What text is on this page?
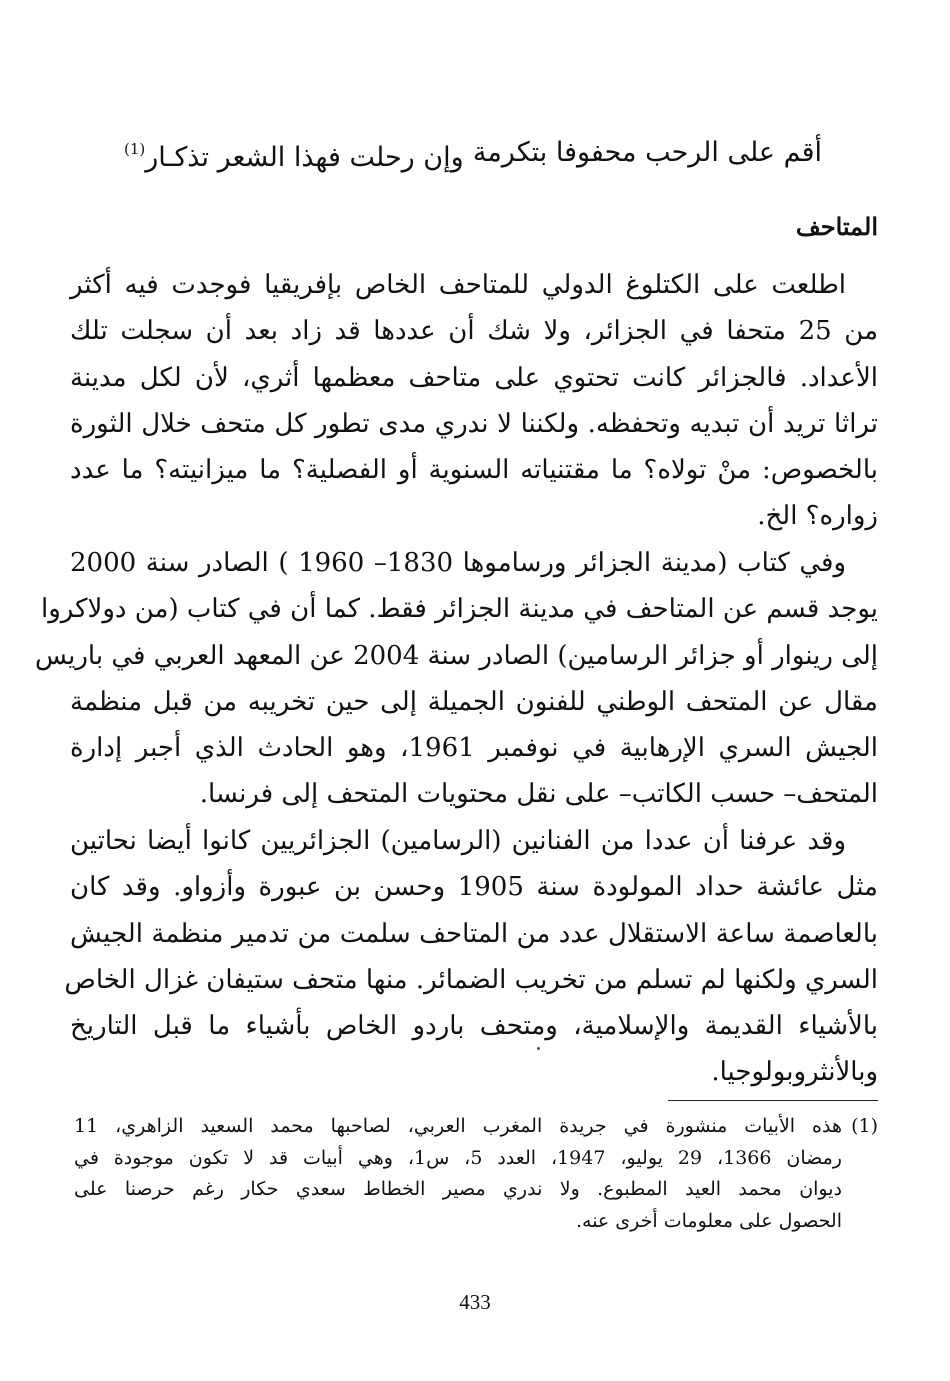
أقم على الرحب محفوفا بتكرمة
وإن رحلت فهذا الشعر تذكـار$^{(1)}$
المتاحف
اطلعت على الكتلوغ الدولي للمتاحف الخاص بإفريقيا فوجدت فيه أكثر
من 25 متحفا في الجزائر، ولا شك أن عددها قد زاد بعد أن سجلت تلك
الأعداد. فالجزائر كانت تحتوي على متاحف معظمها أثري، لأن لكل مدينة
تراثا تريد أن تبديه وتحفظه. ولكننا لا ندري مدى تطور كل متحف خلال الثورة
بالخصوص: منْ تولاه؟ ما مقتنياته السنوية أو الفصلية؟ ما ميزانيته؟ ما عدد
زواره؟ الخ.
وفي كتاب (مدينة الجزائر ورساموها 1830– 1960 ) الصادر سنة 2000
يوجد قسم عن المتاحف في مدينة الجزائر فقط. كما أن في كتاب (من دولاكروا
إلى رينوار أو جزائر الرسامين) الصادر سنة 2004 عن المعهد العربي في باريس
مقال عن المتحف الوطني للفنون الجميلة إلى حين تخريبه من قبل منظمة
الجيش السري الإرهابية في نوفمبر 1961، وهو الحادث الذي أجبر إدارة
المتحف– حسب الكاتب– على نقل محتويات المتحف إلى فرنسا.
وقد عرفنا أن عددا من الفنانين (الرسامين) الجزائريين كانوا أيضا نحاتين
مثل عائشة حداد المولودة سنة 1905 وحسن بن عبورة وأزواو. وقد كان
بالعاصمة ساعة الاستقلال عدد من المتاحف سلمت من تدمير منظمة الجيش
السري ولكنها لم تسلم من تخريب الضمائر. منها متحف ستيفان غزال الخاص
بالأشياء القديمة والإسلامية، ومتحف باردو الخاص بأشياء ما قبل التاريخ
وبالأنثروبولوجيا.
(1)
هذه الأبيات منشورة في جريدة المغرب العربي، لصاحبها محمد السعيد الزاهري، 11
رمضان 1366، 29 يوليو، 1947، العدد 5، س1، وهي أبيات قد لا تكون موجودة في
ديوان محمد العيد المطبوع. ولا ندري مصير الخطاط سعدي حكار رغم حرصنا على
الحصول على معلومات أخرى عنه.
433
